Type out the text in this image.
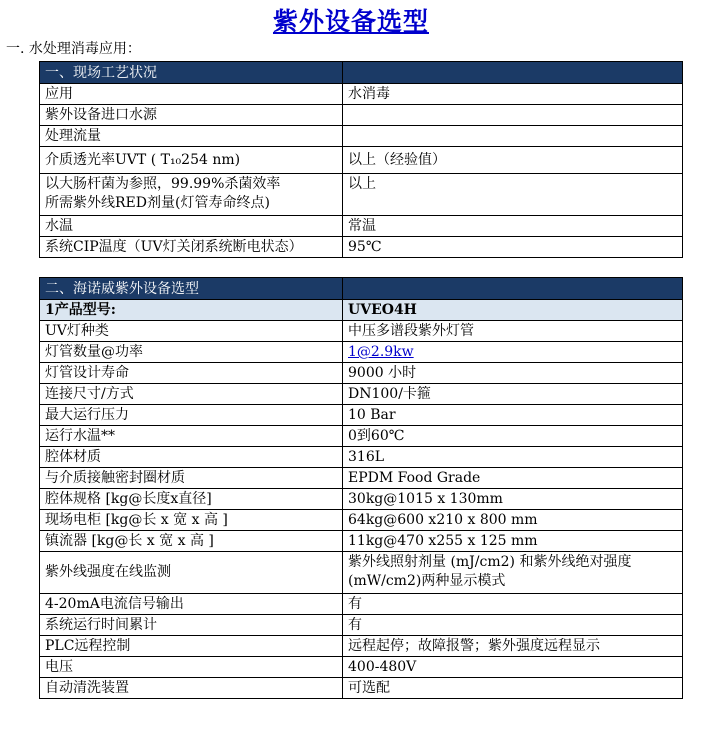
紫外设备选型
一. 水处理消毒应用：
一、现场工艺状况	
应用	水消毒
紫外设备进口水源	
处理流量	
介质透光率UVT ( T₁₀254 nm)	以上（经验值）

以大肠杆菌为参照，99.99%杀菌效率
所需紫外线RED剂量(灯管寿命终点)	以上
水温	常温
系统CIP温度（UV灯关闭系统断电状态）	95℃
二、海诺威紫外设备选型	
1产品型号:	UVEO4H
UV灯种类	中压多谱段紫外灯管
灯管数量@功率	1@2.9kw
灯管设计寿命	9000 小时
连接尺寸/方式	DN100/卡箍
最大运行压力	10 Bar
运行水温**	0到60℃
腔体材质	316L
与介质接触密封圈材质	EPDM Food Grade
腔体规格 [kg@长度x直径]	30kg@1015 x 130mm
现场电柜 [kg@长 x 宽 x 高 ]	64kg@600 x210 x 800 mm
镇流器 [kg@长 x 宽 x 高 ]	11kg@470 x255 x 125 mm
紫外线强度在线监测	紫外线照射剂量 (mJ/cm2) 和紫外线绝对强度
(mW/cm2)两种显示模式

4-20mA电流信号输出	有
系统运行时间累计	有
PLC远程控制	远程起停；故障报警；紫外强度远程显示
电压	400-480V
自动清洗装置	可选配
